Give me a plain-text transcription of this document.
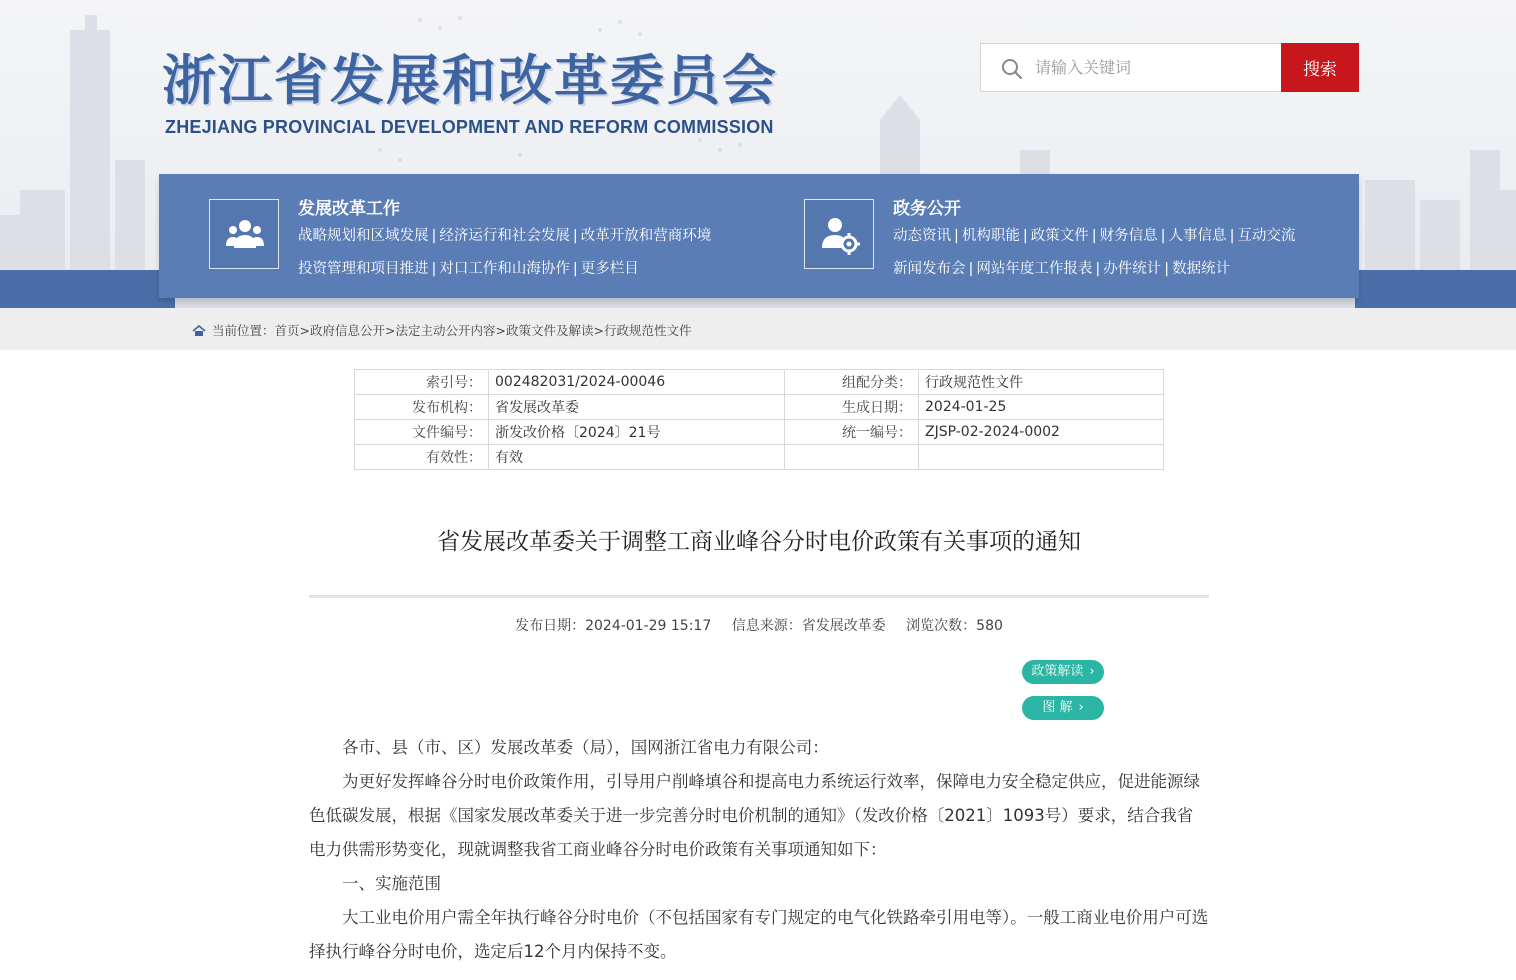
浙江省发展和改革委员会
ZHEJIANG PROVINCIAL DEVELOPMENT AND REFORM COMMISSION
请输入关键词
搜索
发展改革工作
战略规划和区域发展 | 经济运行和社会发展 | 改革开放和营商环境
投资管理和项目推进 | 对口工作和山海协作 | 更多栏目
政务公开
动态资讯 | 机构职能 | 政策文件 | 财务信息 | 人事信息 | 互动交流
新闻发布会 | 网站年度工作报表 | 办件统计 | 数据统计
当前位置：首页>政府信息公开>法定主动公开内容>政策文件及解读>行政规范性文件
索引号：	002482031/2024-00046	组配分类：	行政规范性文件
发布机构：	省发展改革委	生成日期：	2024-01-25
文件编号：	浙发改价格〔2024〕21号	统一编号：	ZJSP-02-2024-0002
有效性：	有效		
省发展改革委关于调整工商业峰谷分时电价政策有关事项的通知
发布日期：2024-01-29 15:17 信息来源：省发展改革委 浏览次数：580
政策解读 ›
图 解 ›

各市、县（市、区）发展改革委（局），国网浙江省电力有限公司：

为更好发挥峰谷分时电价政策作用，引导用户削峰填谷和提高电力系统运行效率，保障电力安全稳定供应，促进能源绿色低碳发展，根据《国家发展改革委关于进一步完善分时电价机制的通知》（发改价格〔2021〕1093号）要求，结合我省电力供需形势变化，现就调整我省工商业峰谷分时电价政策有关事项通知如下：

一、实施范围

大工业电价用户需全年执行峰谷分时电价（不包括国家有专门规定的电气化铁路牵引用电等）。一般工商业电价用户可选择执行峰谷分时电价，选定后12个月内保持不变。
